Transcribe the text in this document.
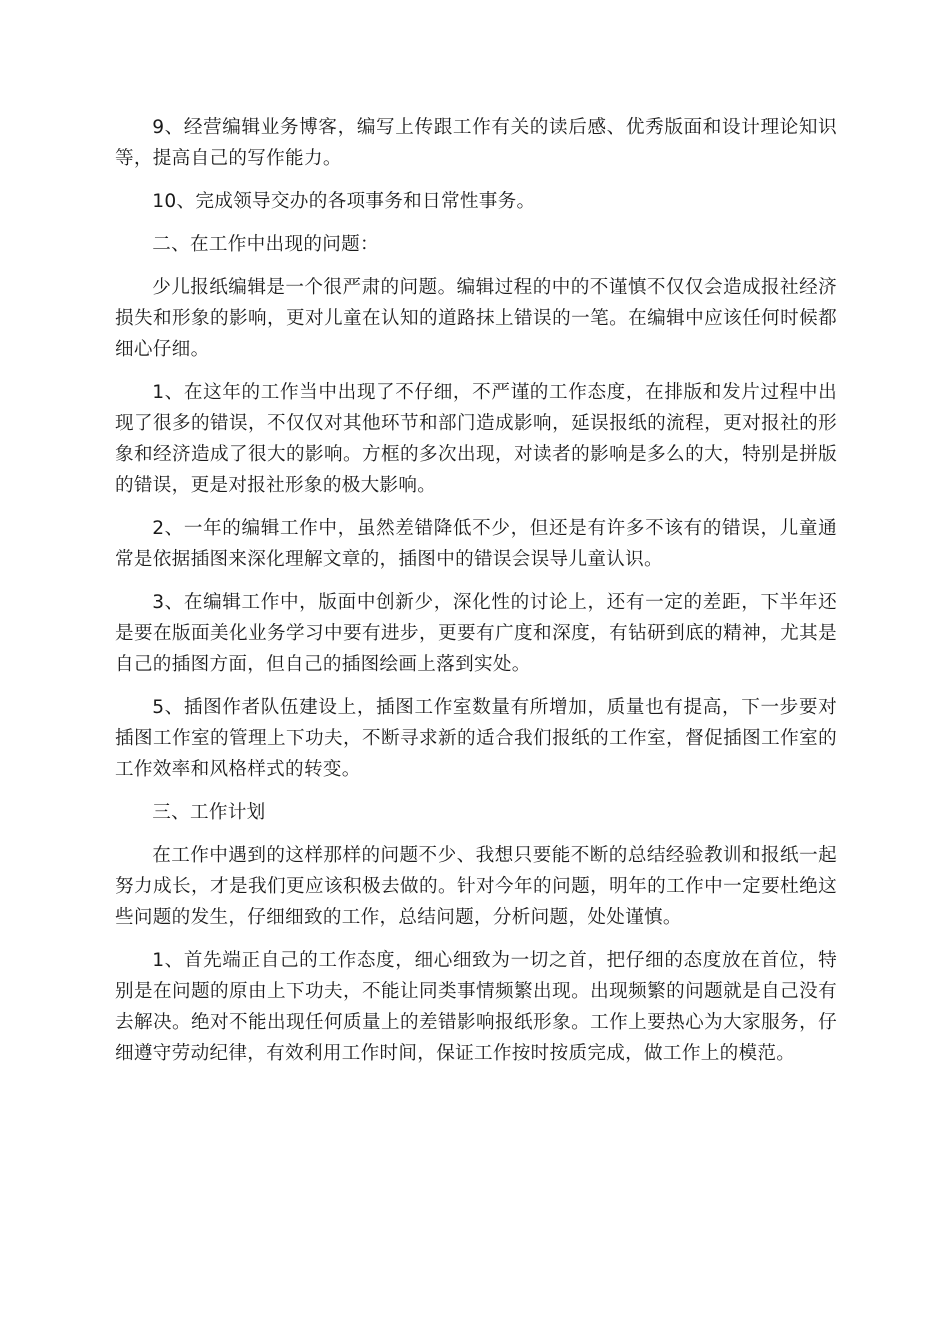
9、经营编辑业务博客，编写上传跟工作有关的读后感、优秀版面和设计理论知识等，提高自己的写作能力。

10、完成领导交办的各项事务和日常性事务。

二、在工作中出现的问题：

少儿报纸编辑是一个很严肃的问题。编辑过程的中的不谨慎不仅仅会造成报社经济损失和形象的影响，更对儿童在认知的道路抹上错误的一笔。在编辑中应该任何时候都细心仔细。

1、在这年的工作当中出现了不仔细，不严谨的工作态度，在排版和发片过程中出现了很多的错误，不仅仅对其他环节和部门造成影响，延误报纸的流程，更对报社的形象和经济造成了很大的影响。方框的多次出现，对读者的影响是多么的大，特别是拼版的错误，更是对报社形象的极大影响。

2、一年的编辑工作中，虽然差错降低不少，但还是有许多不该有的错误，儿童通常是依据插图来深化理解文章的，插图中的错误会误导儿童认识。

3、在编辑工作中，版面中创新少，深化性的讨论上，还有一定的差距，下半年还是要在版面美化业务学习中要有进步，更要有广度和深度，有钻研到底的精神，尤其是自己的插图方面，但自己的插图绘画上落到实处。

5、插图作者队伍建设上，插图工作室数量有所增加，质量也有提高，下一步要对插图工作室的管理上下功夫，不断寻求新的适合我们报纸的工作室，督促插图工作室的工作效率和风格样式的转变。

三、工作计划

在工作中遇到的这样那样的问题不少、我想只要能不断的总结经验教训和报纸一起努力成长，才是我们更应该积极去做的。针对今年的问题，明年的工作中一定要杜绝这些问题的发生，仔细细致的工作，总结问题，分析问题，处处谨慎。

1、首先端正自己的工作态度，细心细致为一切之首，把仔细的态度放在首位，特别是在问题的原由上下功夫，不能让同类事情频繁出现。出现频繁的问题就是自己没有去解决。绝对不能出现任何质量上的差错影响报纸形象。工作上要热心为大家服务，仔细遵守劳动纪律，有效利用工作时间，保证工作按时按质完成，做工作上的模范。
